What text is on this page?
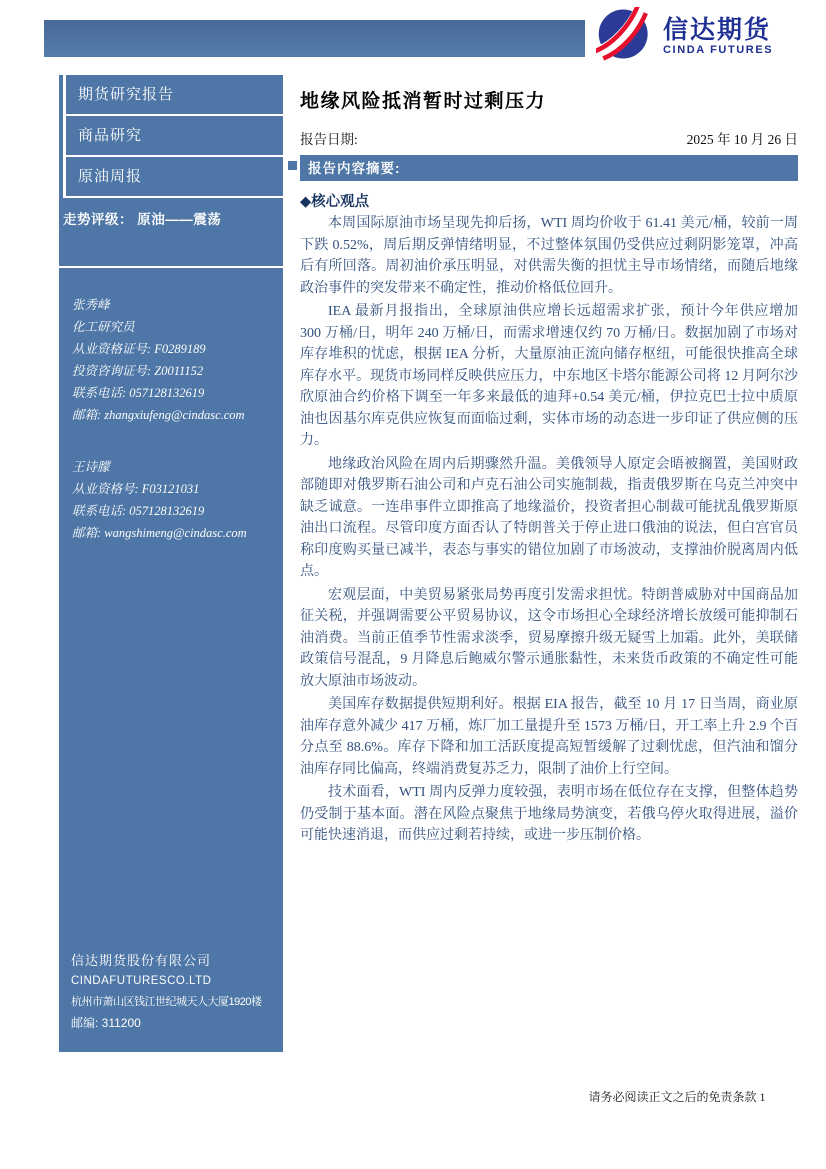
信达期货
CINDA FUTURES
期货研究报告
商品研究
原油周报
走势评级： 原油——震荡
张秀峰
化工研究员
从业资格证号: F0289189
投资咨询证号: Z0011152
联系电话: 057128132619
邮箱: zhangxiufeng@cindasc.com
王诗朦
从业资格号: F03121031
联系电话: 057128132619
邮箱: wangshimeng@cindasc.com
信达期货股份有限公司
CINDAFUTURESCO.LTD
杭州市萧山区钱江世纪城天人大厦1920楼
邮编: 311200
地缘风险抵消暂时过剩压力
报告日期:	2025 年 10 月 26 日
报告内容摘要:
◆核心观点

本周国际原油市场呈现先抑后扬，WTI 周均价收于 61.41 美元/桶，较前一周下跌 0.52%，周后期反弹情绪明显，不过整体氛围仍受供应过剩阴影笼罩，冲高后有所回落。周初油价承压明显，对供需失衡的担忧主导市场情绪，而随后地缘政治事件的突发带来不确定性，推动价格低位回升。

IEA 最新月报指出，全球原油供应增长远超需求扩张，预计今年供应增加 300 万桶/日，明年 240 万桶/日，而需求增速仅约 70 万桶/日。数据加剧了市场对库存堆积的忧虑，根据 IEA 分析，大量原油正流向储存枢纽，可能很快推高全球库存水平。现货市场同样反映供应压力，中东地区卡塔尔能源公司将 12 月阿尔沙欣原油合约价格下调至一年多来最低的迪拜+0.54 美元/桶，伊拉克巴士拉中质原油也因基尔库克供应恢复而面临过剩，实体市场的动态进一步印证了供应侧的压力。

地缘政治风险在周内后期骤然升温。美俄领导人原定会晤被搁置，美国财政部随即对俄罗斯石油公司和卢克石油公司实施制裁，指责俄罗斯在乌克兰冲突中缺乏诚意。一连串事件立即推高了地缘溢价，投资者担心制裁可能扰乱俄罗斯原油出口流程。尽管印度方面否认了特朗普关于停止进口俄油的说法，但白宫官员称印度购买量已减半，表态与事实的错位加剧了市场波动，支撑油价脱离周内低点。

宏观层面，中美贸易紧张局势再度引发需求担忧。特朗普威胁对中国商品加征关税，并强调需要公平贸易协议，这令市场担心全球经济增长放缓可能抑制石油消费。当前正值季节性需求淡季，贸易摩擦升级无疑雪上加霜。此外，美联储政策信号混乱，9 月降息后鲍威尔警示通胀黏性，未来货币政策的不确定性可能放大原油市场波动。

美国库存数据提供短期利好。根据 EIA 报告，截至 10 月 17 日当周，商业原油库存意外减少 417 万桶，炼厂加工量提升至 1573 万桶/日，开工率上升 2.9 个百分点至 88.6%。库存下降和加工活跃度提高短暂缓解了过剩忧虑，但汽油和馏分油库存同比偏高，终端消费复苏乏力，限制了油价上行空间。

技术面看，WTI 周内反弹力度较强，表明市场在低位存在支撑，但整体趋势仍受制于基本面。潜在风险点聚焦于地缘局势演变，若俄乌停火取得进展，溢价可能快速消退，而供应过剩若持续，或进一步压制价格。

请务必阅读正文之后的免责条款 1
